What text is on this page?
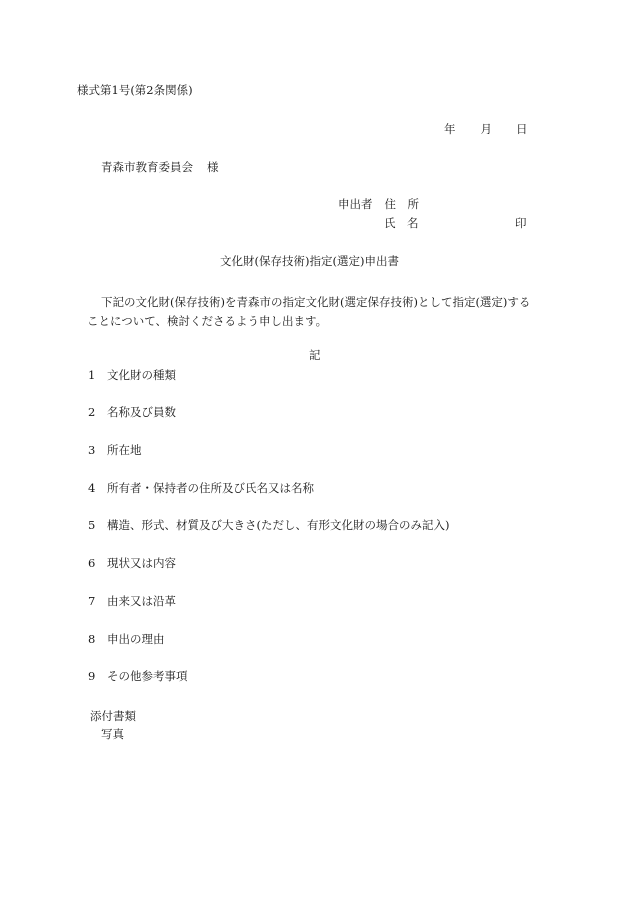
様式第1号(第2条関係)
年 月 日
青森市教育委員会 様
申出者 住　所
氏　名	印
文化財(保存技術)指定(選定)申出書

下記の文化財(保存技術)を青森市の指定文化財(選定保存技術)として指定(選定)する

ことについて、検討くださるよう申し出ます。

記
1 文化財の種類
2 名称及び員数
3 所在地
4 所有者・保持者の住所及び氏名又は名称
5 構造、形式、材質及び大きさ(ただし、有形文化財の場合のみ記入)
6 現状又は内容
7 由来又は沿革
8 申出の理由
9 その他参考事項
添付書類
写真
